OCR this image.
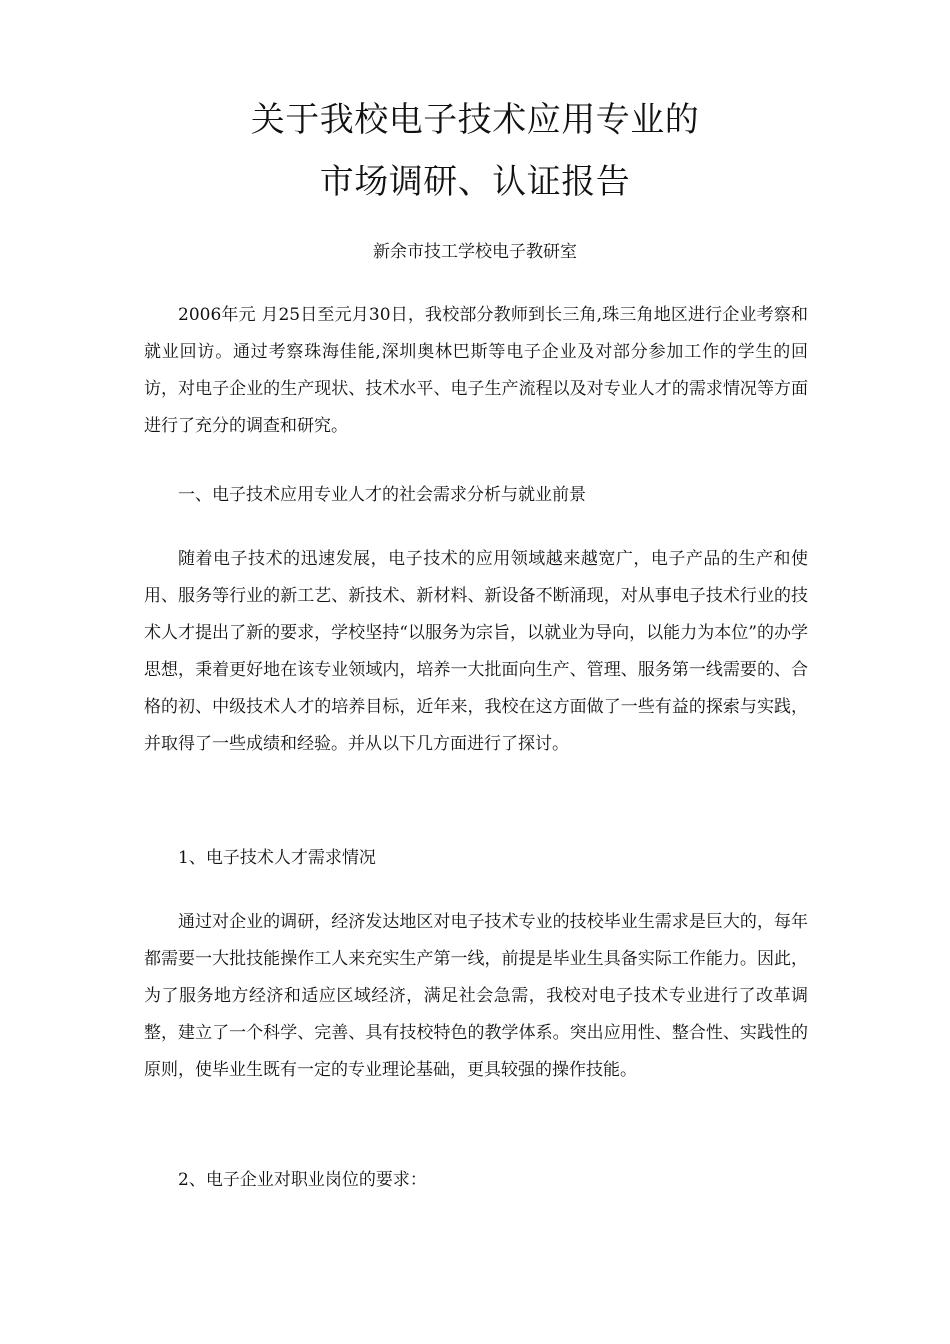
关于我校电子技术应用专业的
市场调研、认证报告
新余市技工学校电子教研室
2006年元 月25日至元月30日，我校部分教师到长三角,珠三角地区进行企业考察和就业回访。通过考察珠海佳能,深圳奥林巴斯等电子企业及对部分参加工作的学生的回访，对电子企业的生产现状、技术水平、电子生产流程以及对专业人才的需求情况等方面进行了充分的调查和研究。
一、电子技术应用专业人才的社会需求分析与就业前景
随着电子技术的迅速发展，电子技术的应用领域越来越宽广，电子产品的生产和使用、服务等行业的新工艺、新技术、新材料、新设备不断涌现，对从事电子技术行业的技术人才提出了新的要求，学校坚持“以服务为宗旨，以就业为导向，以能力为本位”的办学思想，秉着更好地在该专业领域内，培养一大批面向生产、管理、服务第一线需要的、合格的初、中级技术人才的培养目标，近年来，我校在这方面做了一些有益的探索与实践，并取得了一些成绩和经验。并从以下几方面进行了探讨。
1、电子技术人才需求情况
通过对企业的调研，经济发达地区对电子技术专业的技校毕业生需求是巨大的，每年都需要一大批技能操作工人来充实生产第一线，前提是毕业生具备实际工作能力。因此，为了服务地方经济和适应区域经济，满足社会急需，我校对电子技术专业进行了改革调整，建立了一个科学、完善、具有技校特色的教学体系。突出应用性、整合性、实践性的原则，使毕业生既有一定的专业理论基础，更具较强的操作技能。
2、电子企业对职业岗位的要求：
